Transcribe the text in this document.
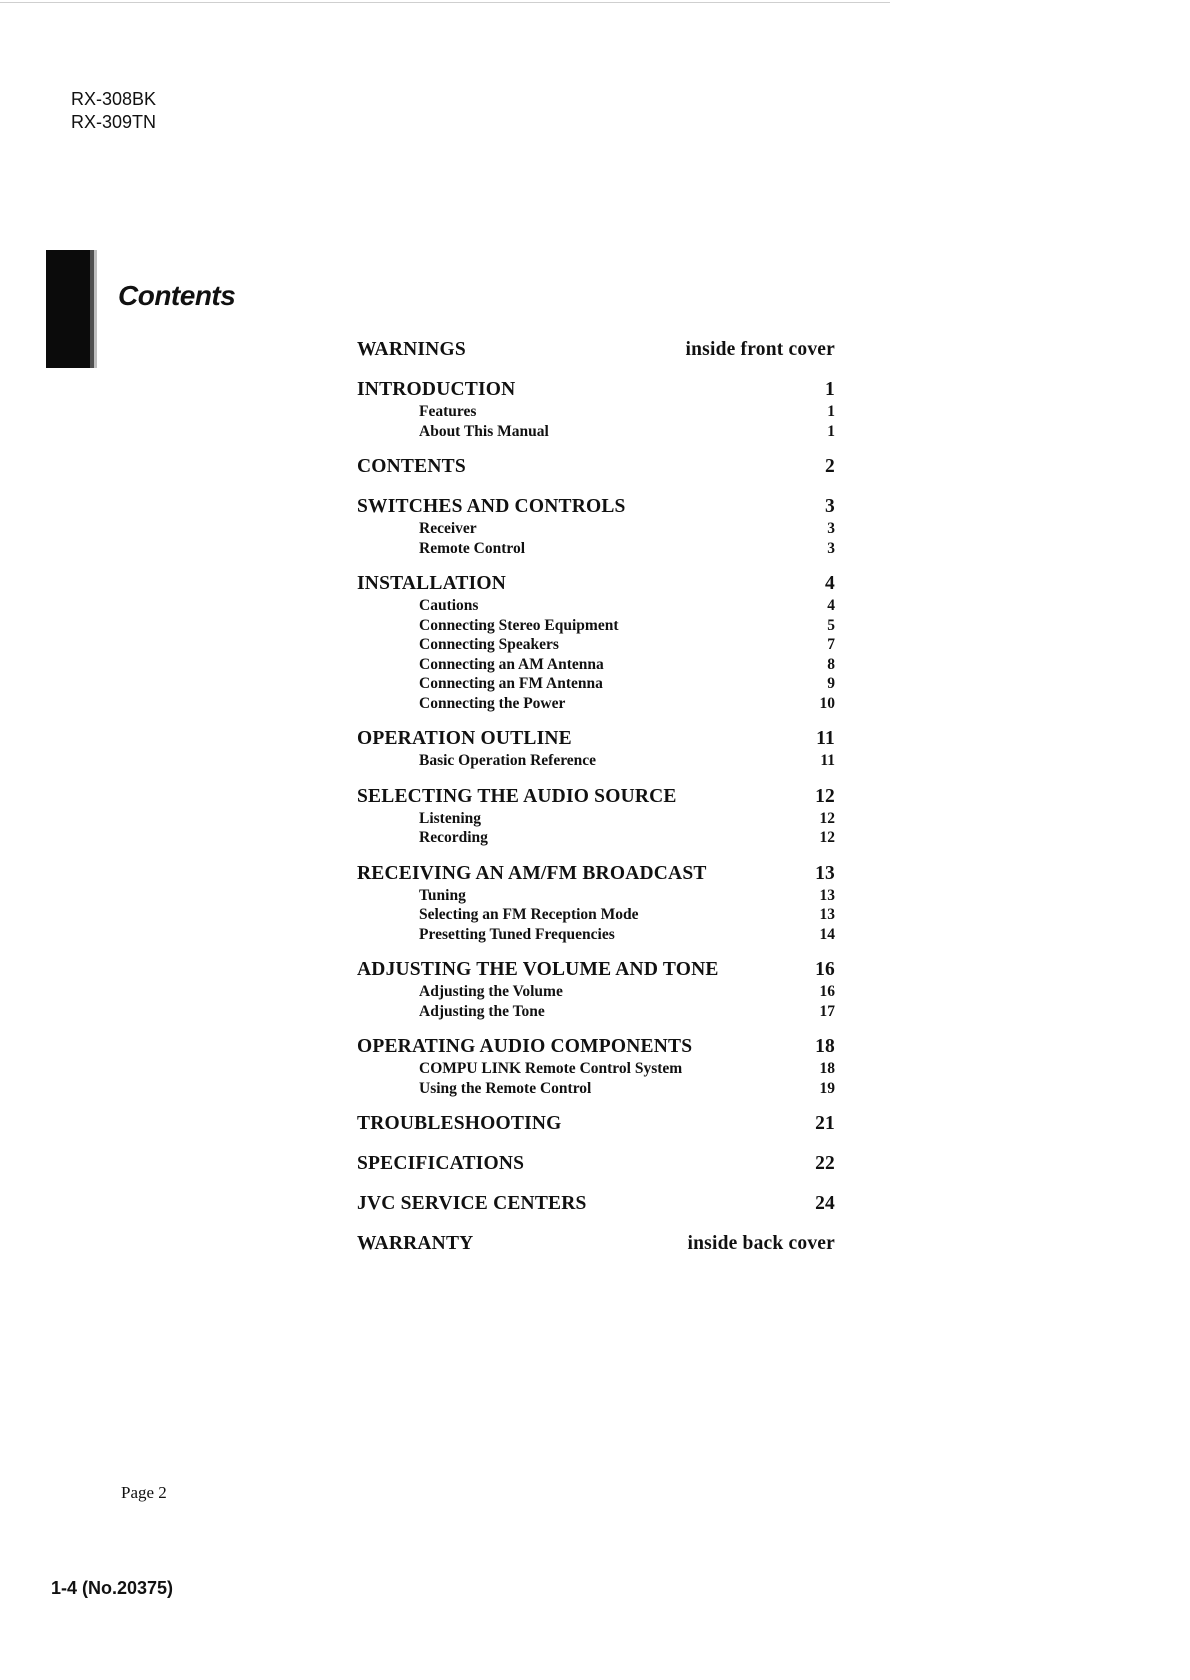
RX-308BK
RX-309TN
Contents
WARNINGS	inside front cover
INTRODUCTION	1
Features	1
About This Manual	1
CONTENTS	2
SWITCHES AND CONTROLS	3
Receiver	3
Remote Control	3
INSTALLATION	4
Cautions	4
Connecting Stereo Equipment	5
Connecting Speakers	7
Connecting an AM Antenna	8
Connecting an FM Antenna	9
Connecting the Power	10
OPERATION OUTLINE	11
Basic Operation Reference	11
SELECTING THE AUDIO SOURCE	12
Listening	12
Recording	12
RECEIVING AN AM/FM BROADCAST	13
Tuning	13
Selecting an FM Reception Mode	13
Presetting Tuned Frequencies	14
ADJUSTING THE VOLUME AND TONE	16
Adjusting the Volume	16
Adjusting the Tone	17
OPERATING AUDIO COMPONENTS	18
COMPU LINK Remote Control System	18
Using the Remote Control	19
TROUBLESHOOTING	21
SPECIFICATIONS	22
JVC SERVICE CENTERS	24
WARRANTY	inside back cover
Page 2
1-4 (No.20375)
